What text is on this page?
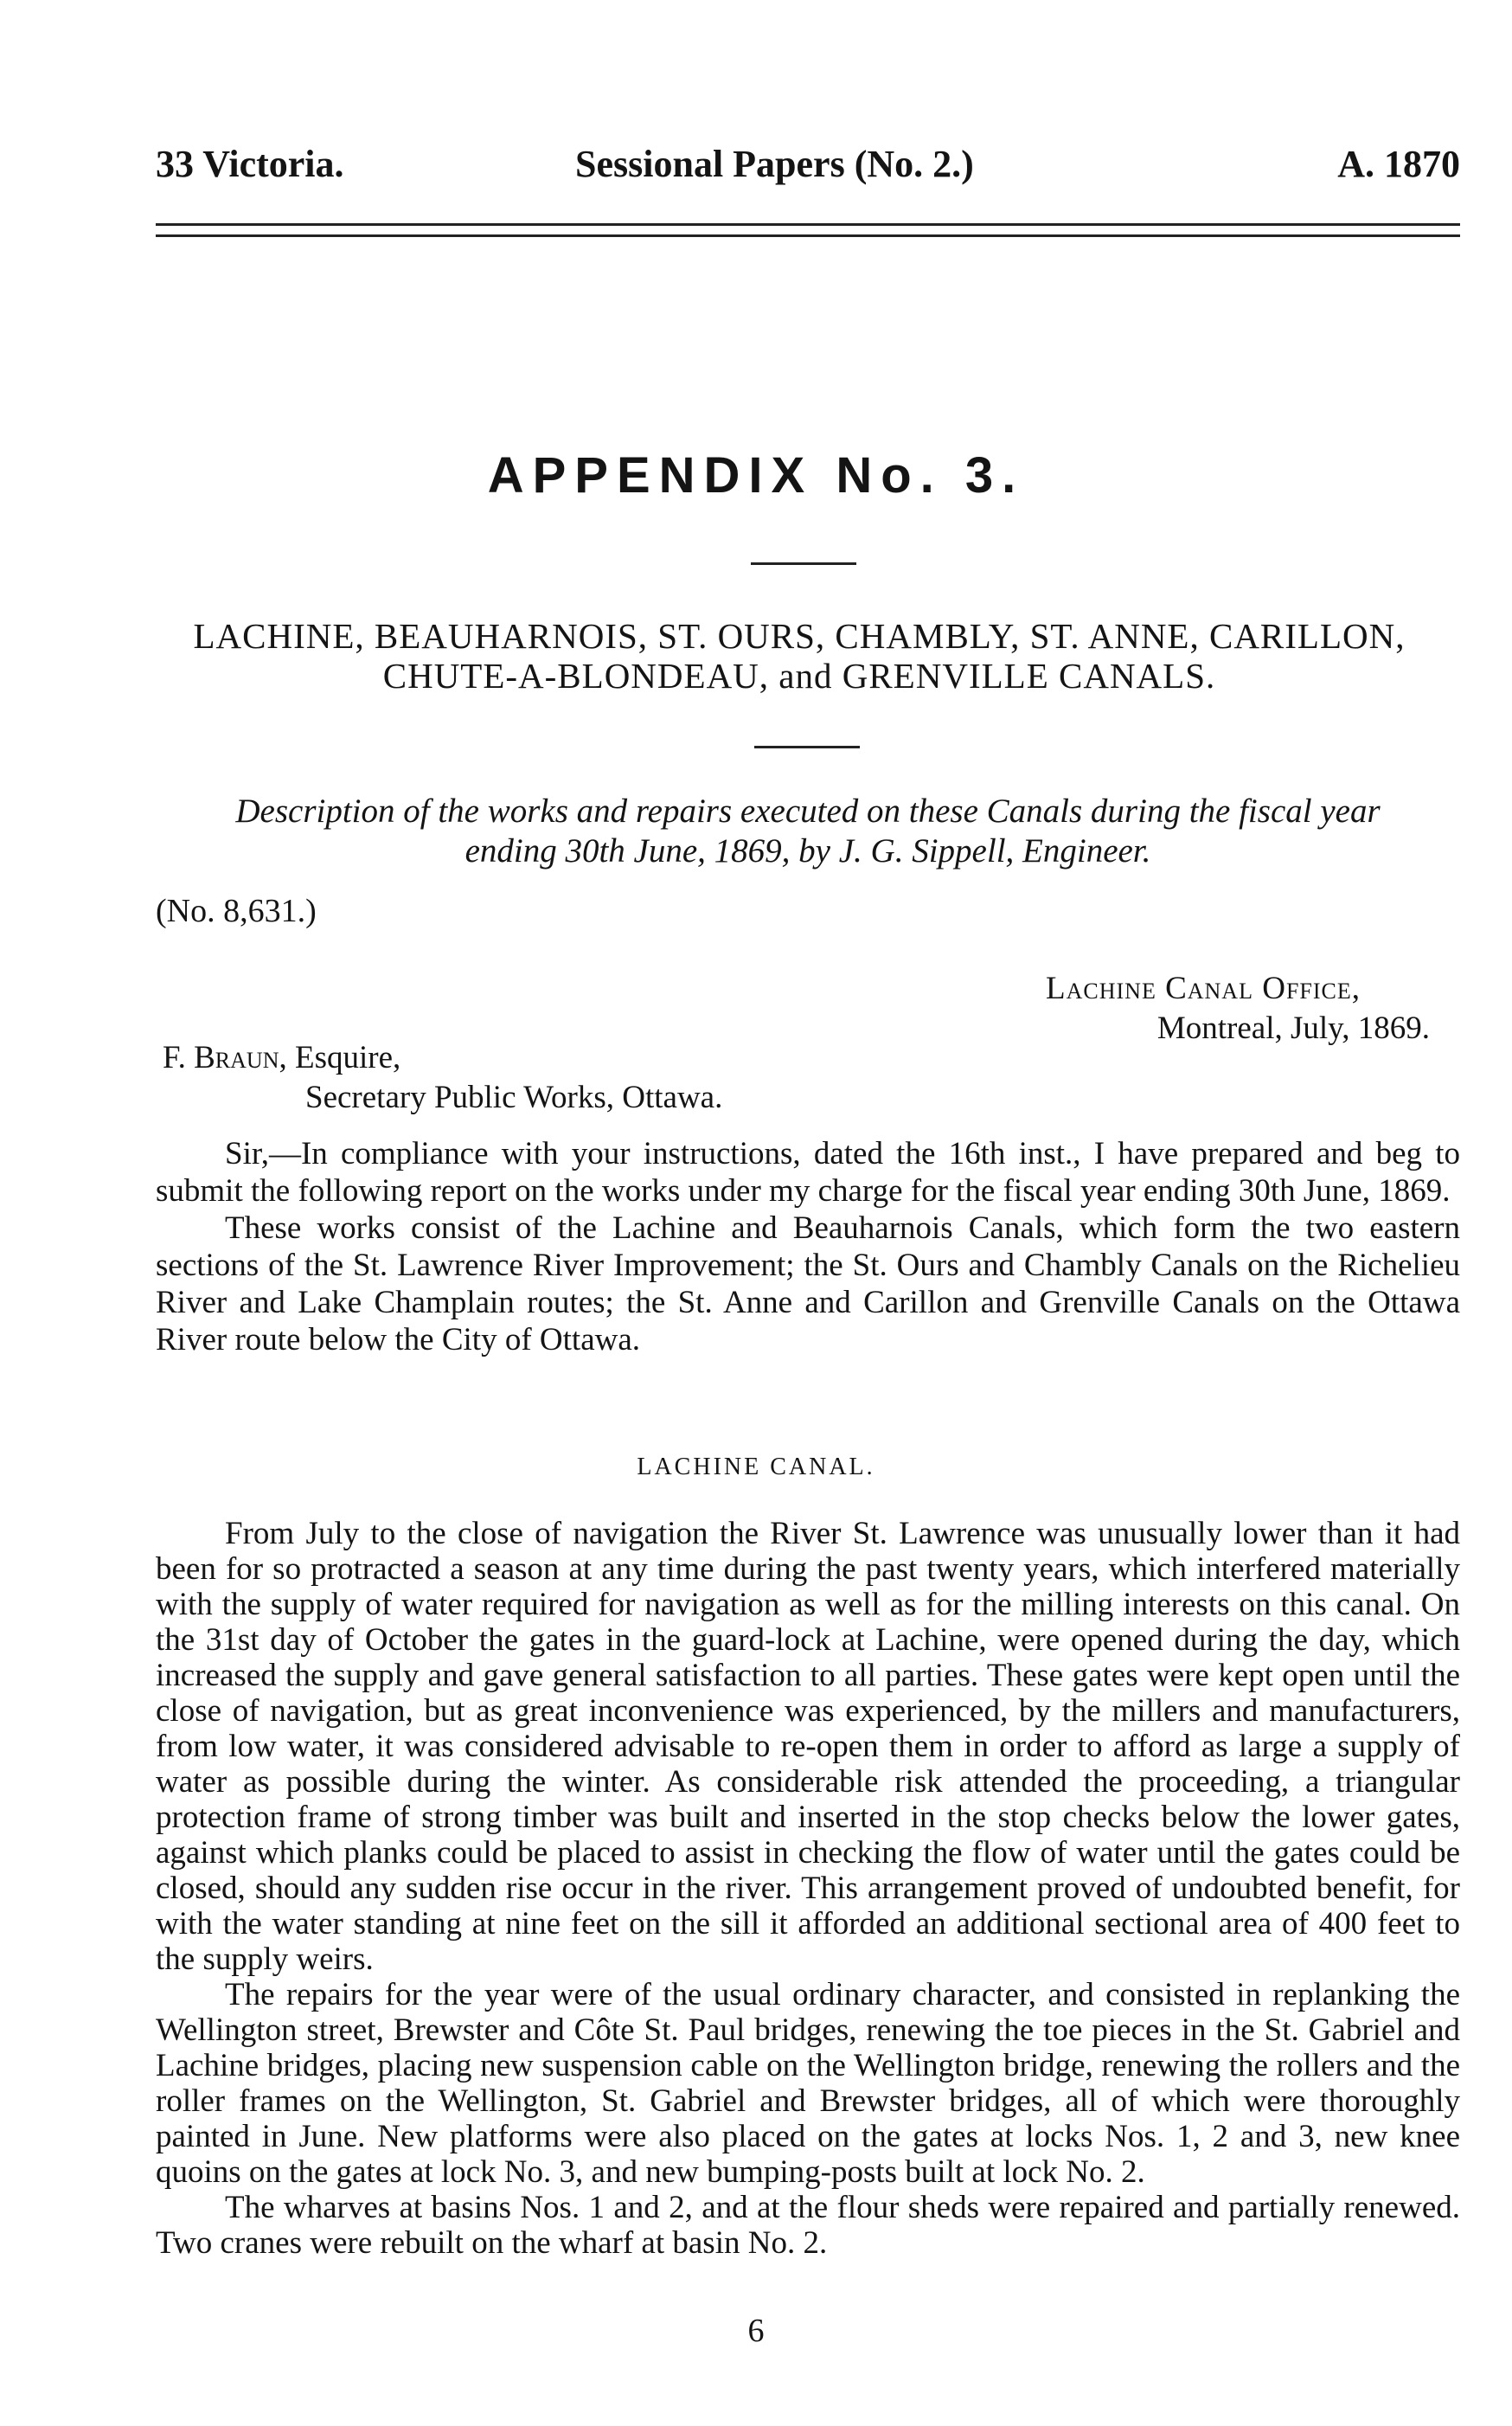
33 Victoria.	Sessional Papers (No. 2.)	A. 1870
APPENDIX No. 3.
LACHINE, BEAUHARNOIS, ST. OURS, CHAMBLY, ST. ANNE, CARILLON,
CHUTE-A-BLONDEAU, and GRENVILLE CANALS.
Description of the works and repairs executed on these Canals during the fiscal year
ending 30th June, 1869, by J. G. Sippell, Engineer.
(No. 8,631.)
Lachine Canal Office,
Montreal, July, 1869.
F. Braun, Esquire,
Secretary Public Works, Ottawa.

Sir,—In compliance with your instructions, dated the 16th inst., I have prepared and beg to submit the following report on the works under my charge for the fiscal year ending 30th June, 1869.

These works consist of the Lachine and Beauharnois Canals, which form the two eastern sections of the St. Lawrence River Improvement; the St. Ours and Chambly Canals on the Richelieu River and Lake Champlain routes; the St. Anne and Carillon and Grenville Canals on the Ottawa River route below the City of Ottawa.

LACHINE CANAL.

From July to the close of navigation the River St. Lawrence was unusually lower than it had been for so protracted a season at any time during the past twenty years, which interfered materially with the supply of water required for navigation as well as for the milling interests on this canal. On the 31st day of October the gates in the guard-lock at Lachine, were opened during the day, which increased the supply and gave general satisfaction to all parties. These gates were kept open until the close of navigation, but as great inconvenience was experienced, by the millers and manufacturers, from low water, it was considered advisable to re-open them in order to afford as large a supply of water as possible during the winter. As considerable risk attended the proceeding, a triangular protection frame of strong timber was built and inserted in the stop checks below the lower gates, against which planks could be placed to assist in checking the flow of water until the gates could be closed, should any sudden rise occur in the river. This arrangement proved of undoubted benefit, for with the water standing at nine feet on the sill it afforded an additional sectional area of 400 feet to the supply weirs.

The repairs for the year were of the usual ordinary character, and consisted in replanking the Wellington street, Brewster and Côte St. Paul bridges, renewing the toe pieces in the St. Gabriel and Lachine bridges, placing new suspension cable on the Wellington bridge, renewing the rollers and the roller frames on the Wellington, St. Gabriel and Brewster bridges, all of which were thoroughly painted in June. New platforms were also placed on the gates at locks Nos. 1, 2 and 3, new knee quoins on the gates at lock No. 3, and new bumping-posts built at lock No. 2.

The wharves at basins Nos. 1 and 2, and at the flour sheds were repaired and partially renewed. Two cranes were rebuilt on the wharf at basin No. 2.

6
